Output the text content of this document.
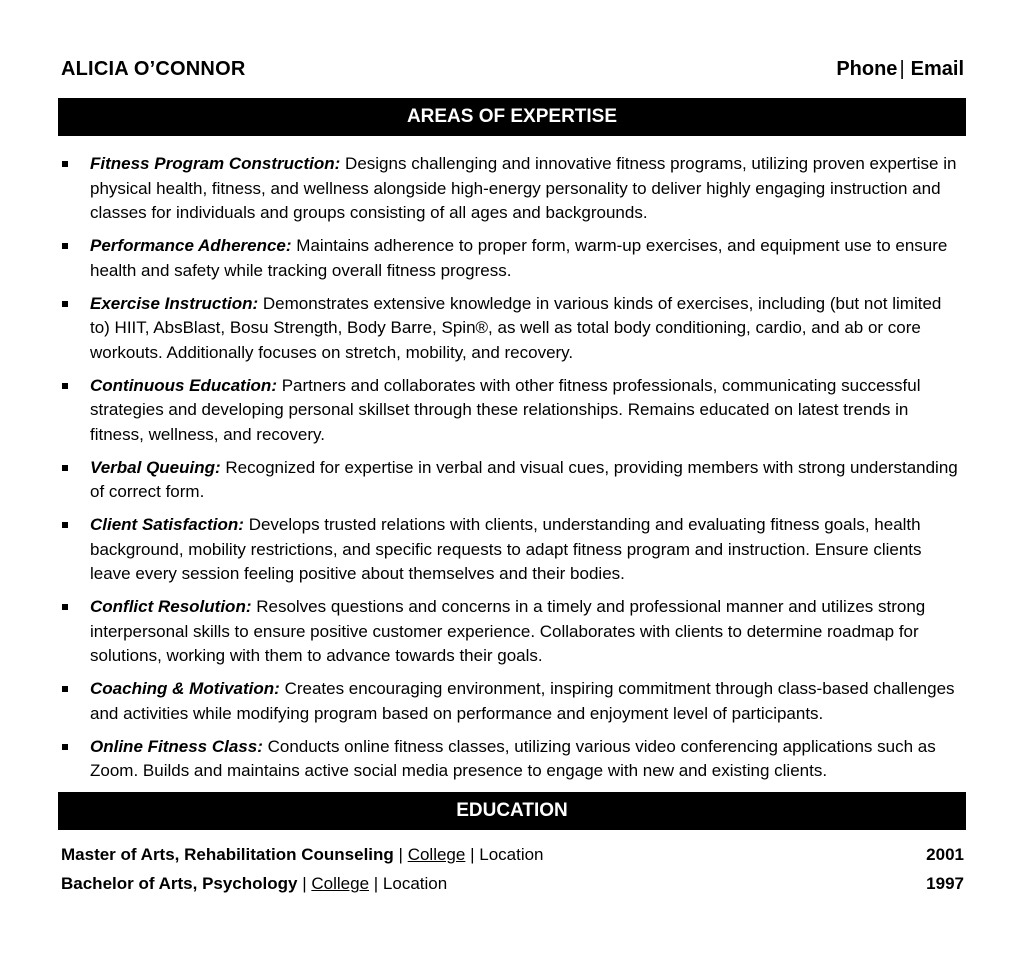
ALICIA O’CONNOR	Phone | Email
AREAS OF EXPERTISE
Fitness Program Construction: Designs challenging and innovative fitness programs, utilizing proven expertise in physical health, fitness, and wellness alongside high-energy personality to deliver highly engaging instruction and classes for individuals and groups consisting of all ages and backgrounds.
Performance Adherence: Maintains adherence to proper form, warm-up exercises, and equipment use to ensure health and safety while tracking overall fitness progress.
Exercise Instruction: Demonstrates extensive knowledge in various kinds of exercises, including (but not limited to) HIIT, AbsBlast, Bosu Strength, Body Barre, Spin®, as well as total body conditioning, cardio, and ab or core workouts. Additionally focuses on stretch, mobility, and recovery.
Continuous Education: Partners and collaborates with other fitness professionals, communicating successful strategies and developing personal skillset through these relationships. Remains educated on latest trends in fitness, wellness, and recovery.
Verbal Queuing: Recognized for expertise in verbal and visual cues, providing members with strong understanding of correct form.
Client Satisfaction: Develops trusted relations with clients, understanding and evaluating fitness goals, health background, mobility restrictions, and specific requests to adapt fitness program and instruction. Ensure clients leave every session feeling positive about themselves and their bodies.
Conflict Resolution: Resolves questions and concerns in a timely and professional manner and utilizes strong interpersonal skills to ensure positive customer experience. Collaborates with clients to determine roadmap for solutions, working with them to advance towards their goals.
Coaching & Motivation: Creates encouraging environment, inspiring commitment through class-based challenges and activities while modifying program based on performance and enjoyment level of participants.
Online Fitness Class: Conducts online fitness classes, utilizing various video conferencing applications such as Zoom. Builds and maintains active social media presence to engage with new and existing clients.
EDUCATION
Master of Arts, Rehabilitation Counseling | College | Location	2001
Bachelor of Arts, Psychology | College | Location	1997
